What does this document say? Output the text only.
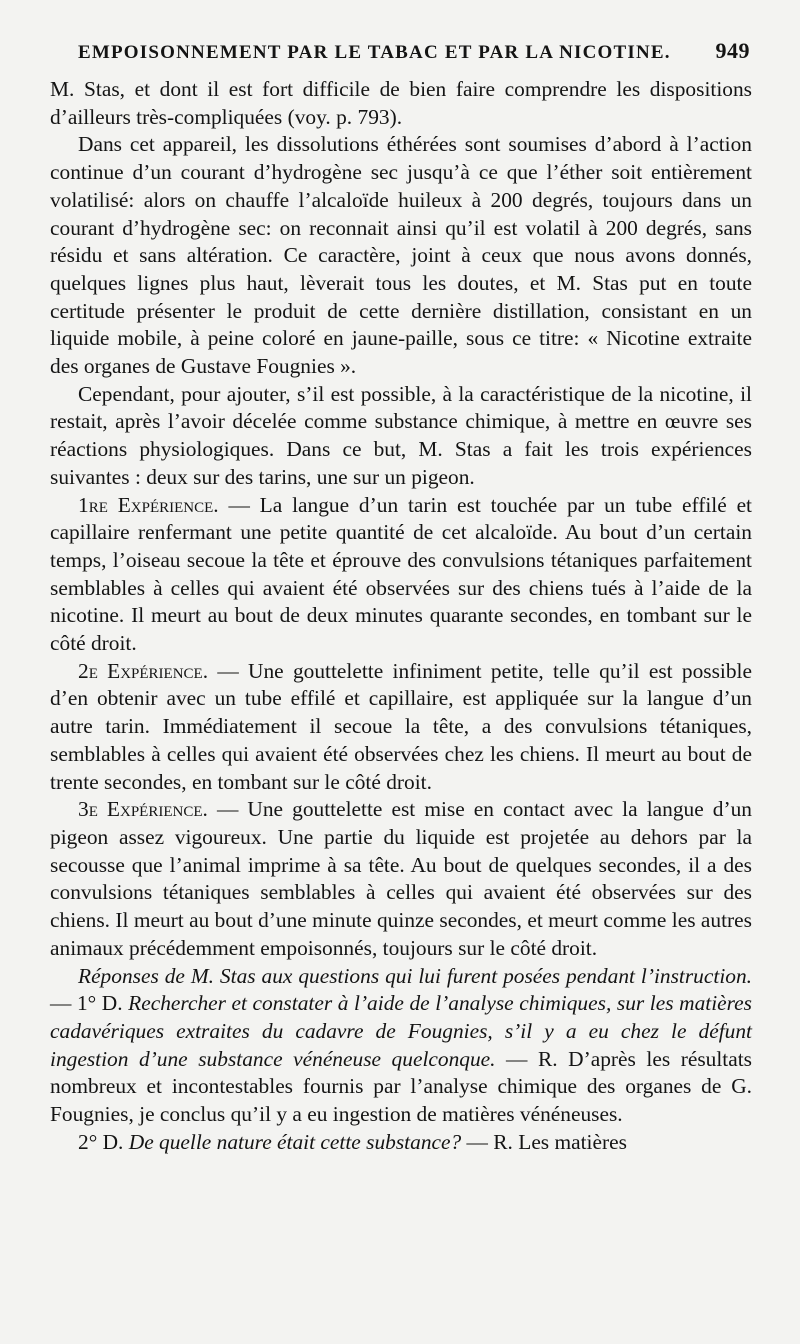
EMPOISONNEMENT PAR LE TABAC ET PAR LA NICOTINE. 949

M. Stas, et dont il est fort difficile de bien faire comprendre les dispositions d’ailleurs très-compliquées (voy. p. 793).

Dans cet appareil, les dissolutions éthérées sont soumises d’abord à l’action continue d’un courant d’hydrogène sec jusqu’à ce que l’éther soit entièrement volatilisé: alors on chauffe l’alcaloïde huileux à 200 degrés, toujours dans un courant d’hydrogène sec: on reconnait ainsi qu’il est volatil à 200 degrés, sans résidu et sans altération. Ce caractère, joint à ceux que nous avons donnés, quelques lignes plus haut, lèverait tous les doutes, et M. Stas put en toute certitude présenter le produit de cette dernière distillation, consistant en un liquide mobile, à peine coloré en jaune-paille, sous ce titre: « Nicotine extraite des organes de Gustave Fougnies ».

Cependant, pour ajouter, s’il est possible, à la caractéristique de la nicotine, il restait, après l’avoir décelée comme substance chimique, à mettre en œuvre ses réactions physiologiques. Dans ce but, M. Stas a fait les trois expériences suivantes : deux sur des tarins, une sur un pigeon.

1re Expérience. — La langue d’un tarin est touchée par un tube effilé et capillaire renfermant une petite quantité de cet alcaloïde. Au bout d’un certain temps, l’oiseau secoue la tête et éprouve des convulsions tétaniques parfaitement semblables à celles qui avaient été observées sur des chiens tués à l’aide de la nicotine. Il meurt au bout de deux minutes quarante secondes, en tombant sur le côté droit.

2e Expérience. — Une gouttelette infiniment petite, telle qu’il est possible d’en obtenir avec un tube effilé et capillaire, est appliquée sur la langue d’un autre tarin. Immédiatement il secoue la tête, a des convulsions tétaniques, semblables à celles qui avaient été observées chez les chiens. Il meurt au bout de trente secondes, en tombant sur le côté droit.

3e Expérience. — Une gouttelette est mise en contact avec la langue d’un pigeon assez vigoureux. Une partie du liquide est projetée au dehors par la secousse que l’animal imprime à sa tête. Au bout de quelques secondes, il a des convulsions tétaniques semblables à celles qui avaient été observées sur des chiens. Il meurt au bout d’une minute quinze secondes, et meurt comme les autres animaux précédemment empoisonnés, toujours sur le côté droit.

Réponses de M. Stas aux questions qui lui furent posées pendant l’instruction. — 1° D. Rechercher et constater à l’aide de l’analyse chimiques, sur les matières cadavériques extraites du cadavre de Fougnies, s’il y a eu chez le défunt ingestion d’une substance vénéneuse quelconque. — R. D’après les résultats nombreux et incontestables fournis par l’analyse chimique des organes de G. Fougnies, je conclus qu’il y a eu ingestion de matières vénéneuses.

2° D. De quelle nature était cette substance? — R. Les matières
